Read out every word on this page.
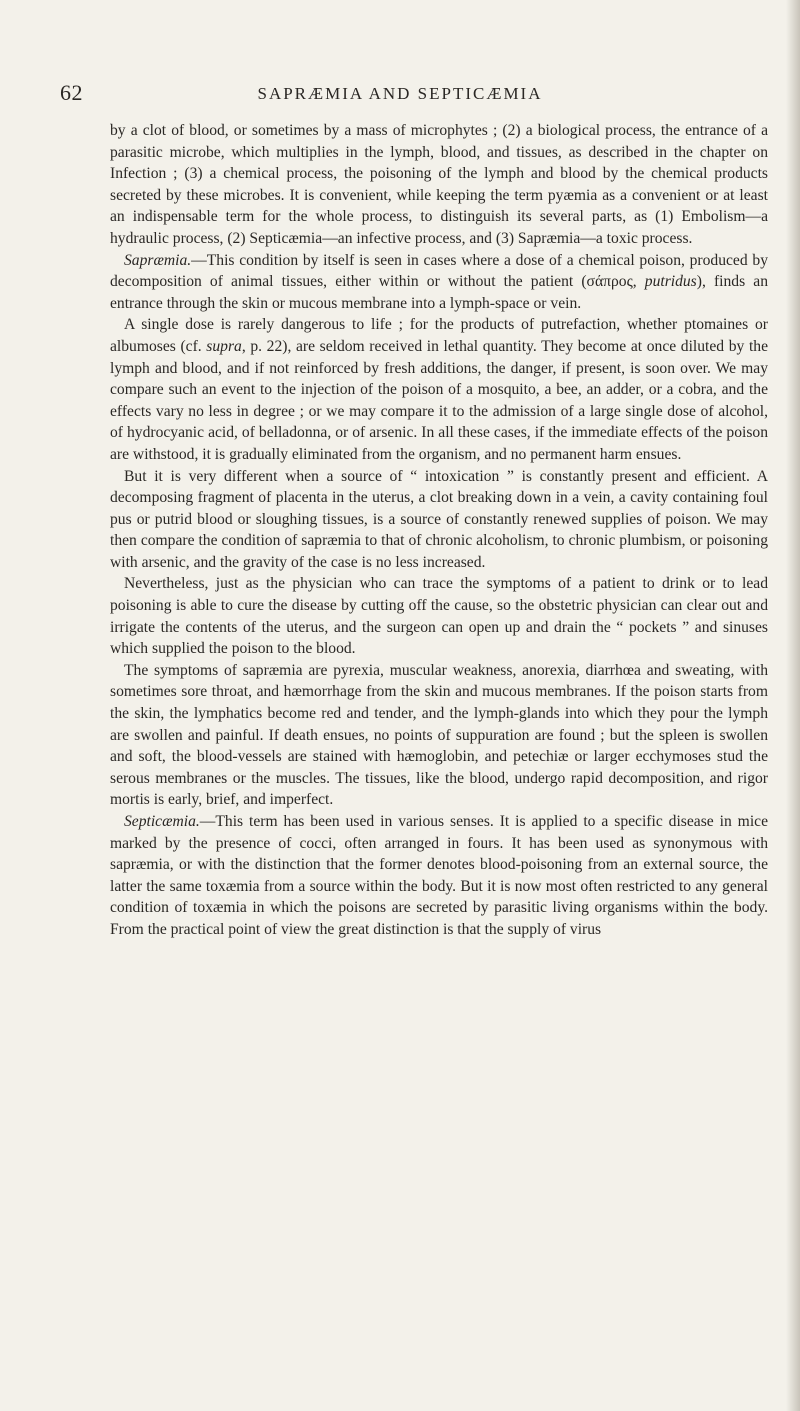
62	SAPRÆMIA AND SEPTICÆMIA

by a clot of blood, or sometimes by a mass of microphytes ; (2) a biological process, the entrance of a parasitic microbe, which multiplies in the lymph, blood, and tissues, as described in the chapter on Infection ; (3) a chemical process, the poisoning of the lymph and blood by the chemical products secreted by these microbes. It is convenient, while keeping the term pyæmia as a convenient or at least an indispensable term for the whole process, to distinguish its several parts, as (1) Embolism—a hydraulic process, (2) Septicæmia—an infective process, and (3) Sapræmia—a toxic process.

Sapræmia.—This condition by itself is seen in cases where a dose of a chemical poison, produced by decomposition of animal tissues, either within or without the patient (σάπρος, putridus), finds an entrance through the skin or mucous membrane into a lymph-space or vein.

A single dose is rarely dangerous to life ; for the products of putrefaction, whether ptomaines or albumoses (cf. supra, p. 22), are seldom received in lethal quantity. They become at once diluted by the lymph and blood, and if not reinforced by fresh additions, the danger, if present, is soon over. We may compare such an event to the injection of the poison of a mosquito, a bee, an adder, or a cobra, and the effects vary no less in degree ; or we may compare it to the admission of a large single dose of alcohol, of hydrocyanic acid, of belladonna, or of arsenic. In all these cases, if the immediate effects of the poison are withstood, it is gradually eliminated from the organism, and no permanent harm ensues.

But it is very different when a source of “ intoxication ” is constantly present and efficient. A decomposing fragment of placenta in the uterus, a clot breaking down in a vein, a cavity containing foul pus or putrid blood or sloughing tissues, is a source of constantly renewed supplies of poison. We may then compare the condition of sapræmia to that of chronic alcoholism, to chronic plumbism, or poisoning with arsenic, and the gravity of the case is no less increased.

Nevertheless, just as the physician who can trace the symptoms of a patient to drink or to lead poisoning is able to cure the disease by cutting off the cause, so the obstetric physician can clear out and irrigate the contents of the uterus, and the surgeon can open up and drain the “ pockets ” and sinuses which supplied the poison to the blood.

The symptoms of sapræmia are pyrexia, muscular weakness, anorexia, diarrhœa and sweating, with sometimes sore throat, and hæmorrhage from the skin and mucous membranes. If the poison starts from the skin, the lymphatics become red and tender, and the lymph-glands into which they pour the lymph are swollen and painful. If death ensues, no points of suppuration are found ; but the spleen is swollen and soft, the blood-vessels are stained with hæmoglobin, and petechiæ or larger ecchymoses stud the serous membranes or the muscles. The tissues, like the blood, undergo rapid decomposition, and rigor mortis is early, brief, and imperfect.

Septicæmia.—This term has been used in various senses. It is applied to a specific disease in mice marked by the presence of cocci, often arranged in fours. It has been used as synonymous with sapræmia, or with the distinction that the former denotes blood-poisoning from an external source, the latter the same toxæmia from a source within the body. But it is now most often restricted to any general condition of toxæmia in which the poisons are secreted by parasitic living organisms within the body. From the practical point of view the great distinction is that the supply of virus
